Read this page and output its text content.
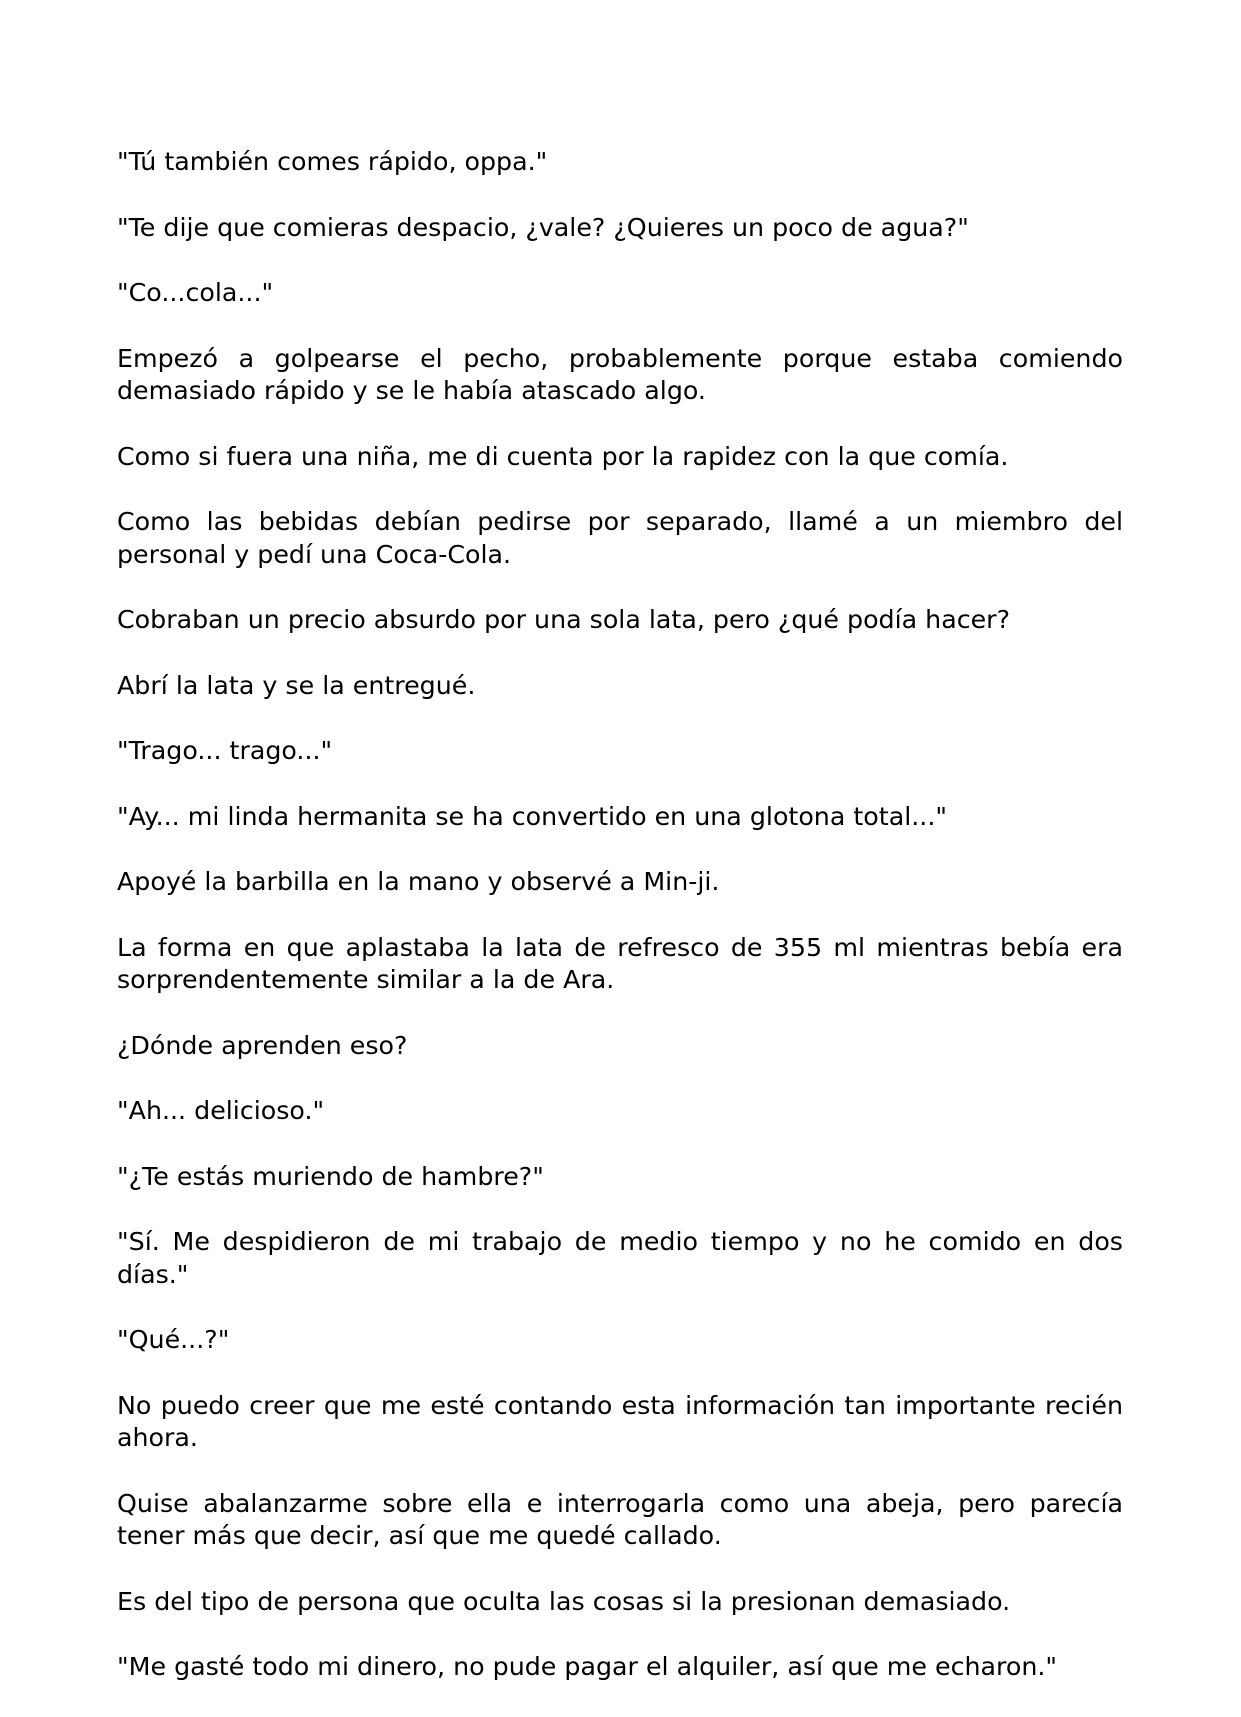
"Tú también comes rápido, oppa."

"Te dije que comieras despacio, ¿vale? ¿Quieres un poco de agua?"

"Co...cola..."

Empezó a golpearse el pecho, probablemente porque estaba comiendo demasiado rápido y se le había atascado algo.

Como si fuera una niña, me di cuenta por la rapidez con la que comía.

Como las bebidas debían pedirse por separado, llamé a un miembro del personal y pedí una Coca-Cola.

Cobraban un precio absurdo por una sola lata, pero ¿qué podía hacer?

Abrí la lata y se la entregué.

"Trago... trago..."

"Ay... mi linda hermanita se ha convertido en una glotona total..."

Apoyé la barbilla en la mano y observé a Min-ji.

La forma en que aplastaba la lata de refresco de 355 ml mientras bebía era sorprendentemente similar a la de Ara.

¿Dónde aprenden eso?

"Ah... delicioso."

"¿Te estás muriendo de hambre?"

"Sí. Me despidieron de mi trabajo de medio tiempo y no he comido en dos días."

"Qué...?"

No puedo creer que me esté contando esta información tan importante recién ahora.

Quise abalanzarme sobre ella e interrogarla como una abeja, pero parecía tener más que decir, así que me quedé callado.

Es del tipo de persona que oculta las cosas si la presionan demasiado.

"Me gasté todo mi dinero, no pude pagar el alquiler, así que me echaron."
